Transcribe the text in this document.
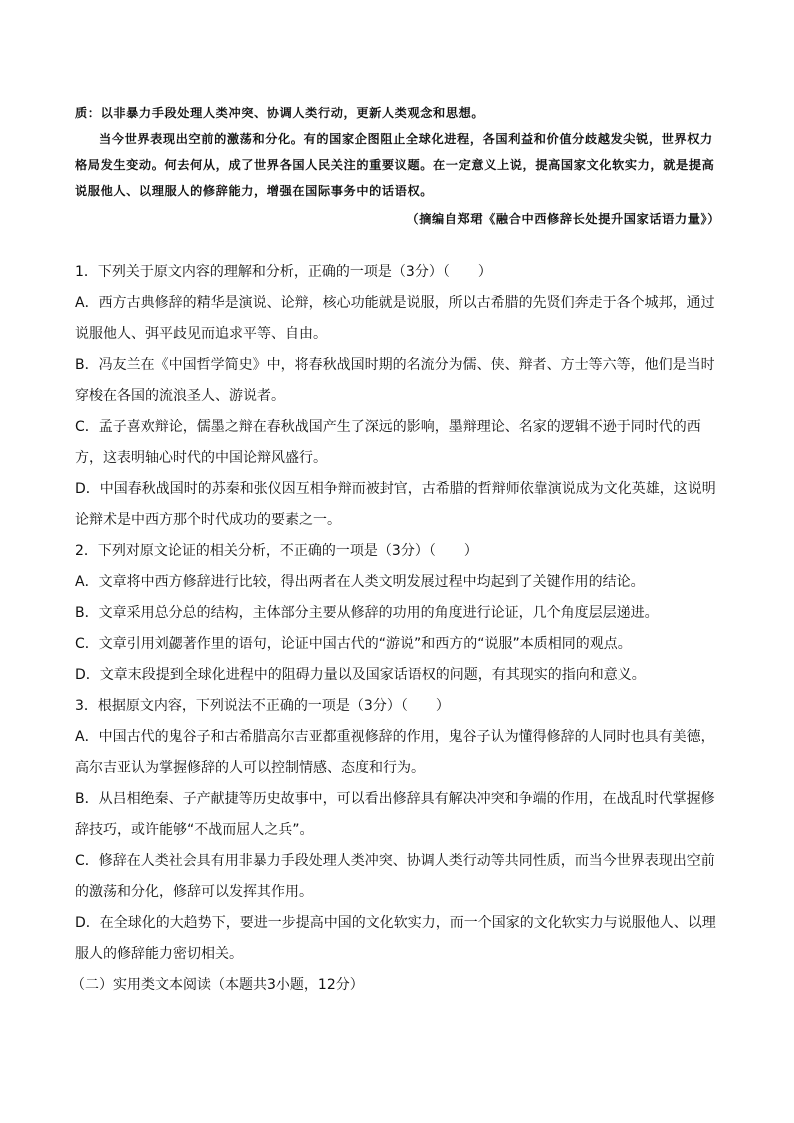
质：以非暴力手段处理人类冲突、协调人类行动，更新人类观念和思想。

当今世界表现出空前的激荡和分化。有的国家企图阻止全球化进程，各国利益和价值分歧越发尖锐，世界权力格局发生变动。何去何从，成了世界各国人民关注的重要议题。在一定意义上说，提高国家文化软实力，就是提高说服他人、以理服人的修辞能力，增强在国际事务中的话语权。

（摘编自郑珺《融合中西修辞长处提升国家话语力量》）

1．下列关于原文内容的理解和分析，正确的一项是（3分）（　　）

A．西方古典修辞的精华是演说、论辩，核心功能就是说服，所以古希腊的先贤们奔走于各个城邦，通过说服他人、弭平歧见而追求平等、自由。

B．冯友兰在《中国哲学简史》中，将春秋战国时期的名流分为儒、侠、辩者、方士等六等，他们是当时穿梭在各国的流浪圣人、游说者。

C．孟子喜欢辩论，儒墨之辩在春秋战国产生了深远的影响，墨辩理论、名家的逻辑不逊于同时代的西方，这表明轴心时代的中国论辩风盛行。

D．中国春秋战国时的苏秦和张仪因互相争辩而被封官，古希腊的哲辩师依靠演说成为文化英雄，这说明论辩术是中西方那个时代成功的要素之一。

2．下列对原文论证的相关分析，不正确的一项是（3分）（　　）

A．文章将中西方修辞进行比较，得出两者在人类文明发展过程中均起到了关键作用的结论。

B．文章采用总分总的结构，主体部分主要从修辞的功用的角度进行论证，几个角度层层递进。

C．文章引用刘勰著作里的语句，论证中国古代的“游说”和西方的“说服”本质相同的观点。

D．文章末段提到全球化进程中的阻碍力量以及国家话语权的问题，有其现实的指向和意义。

3．根据原文内容，下列说法不正确的一项是（3分）（　　）

A．中国古代的鬼谷子和古希腊高尔吉亚都重视修辞的作用，鬼谷子认为懂得修辞的人同时也具有美德，高尔吉亚认为掌握修辞的人可以控制情感、态度和行为。

B．从吕相绝秦、子产献捷等历史故事中，可以看出修辞具有解决冲突和争端的作用，在战乱时代掌握修辞技巧，或许能够“不战而屈人之兵”。

C．修辞在人类社会具有用非暴力手段处理人类冲突、协调人类行动等共同性质，而当今世界表现出空前的激荡和分化，修辞可以发挥其作用。

D．在全球化的大趋势下，要进一步提高中国的文化软实力，而一个国家的文化软实力与说服他人、以理服人的修辞能力密切相关。

（二）实用类文本阅读（本题共3小题，12分）
